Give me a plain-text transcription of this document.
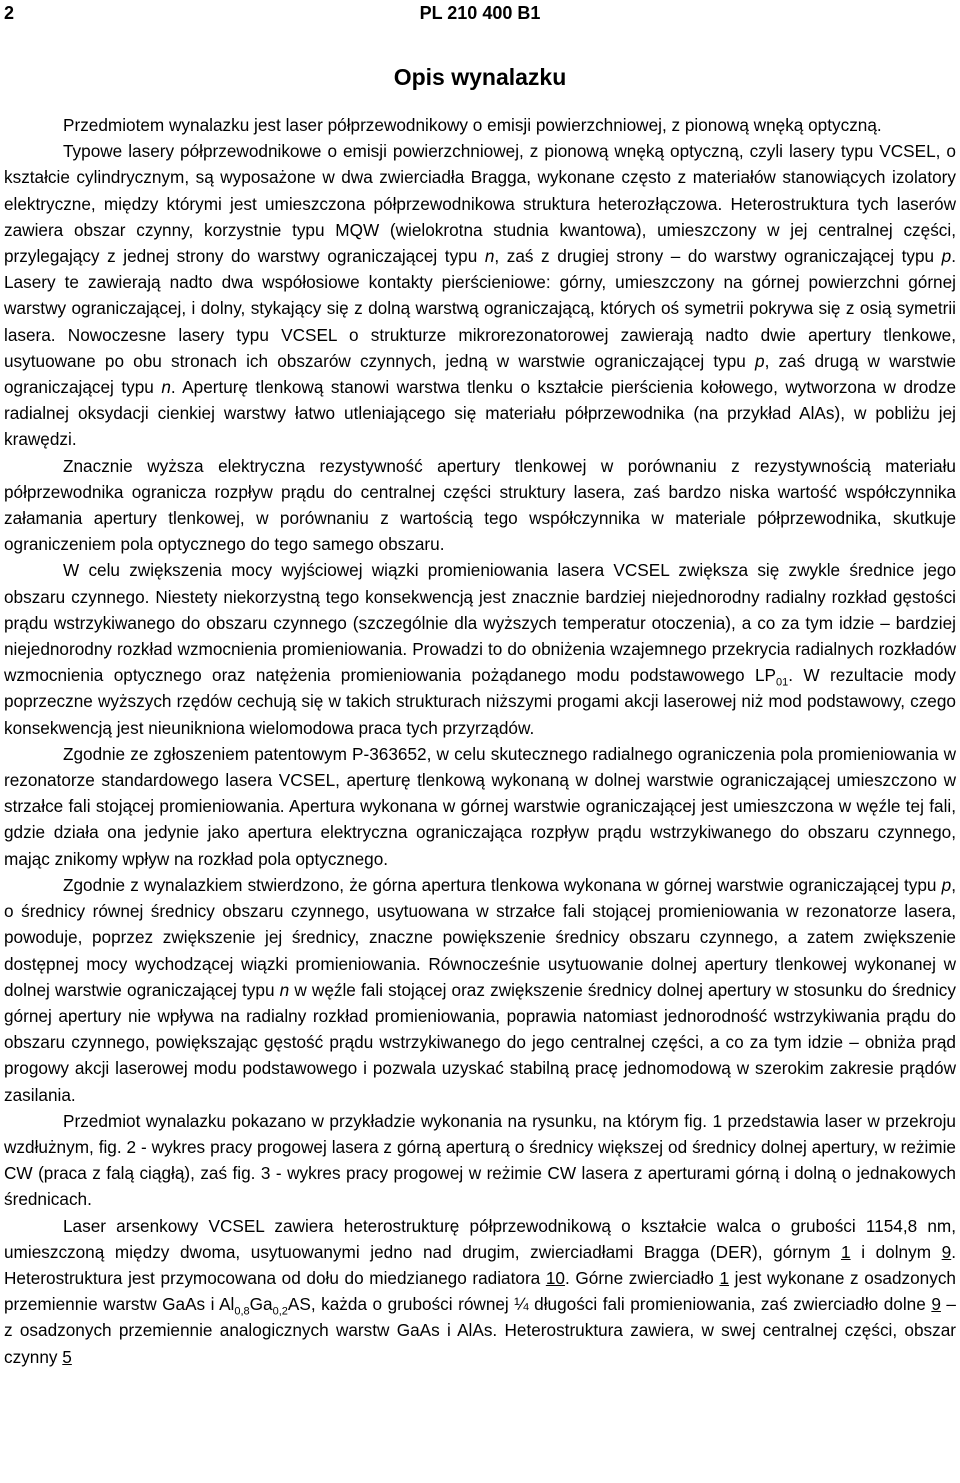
2	PL 210 400 B1
Opis wynalazku

Przedmiotem wynalazku jest laser półprzewodnikowy o emisji powierzchniowej, z pionową wnęką optyczną.

Typowe lasery półprzewodnikowe o emisji powierzchniowej, z pionową wnęką optyczną, czyli lasery typu VCSEL, o kształcie cylindrycznym, są wyposażone w dwa zwierciadła Bragga, wykonane często z materiałów stanowiących izolatory elektryczne, między którymi jest umieszczona półprzewodnikowa struktura heterozłączowa. Heterostruktura tych laserów zawiera obszar czynny, korzystnie typu MQW (wielokrotna studnia kwantowa), umieszczony w jej centralnej części, przylegający z jednej strony do warstwy ograniczającej typu n, zaś z drugiej strony – do warstwy ograniczającej typu p. Lasery te zawierają nadto dwa współosiowe kontakty pierścieniowe: górny, umieszczony na górnej powierzchni górnej warstwy ograniczającej, i dolny, stykający się z dolną warstwą ograniczającą, których oś symetrii pokrywa się z osią symetrii lasera. Nowoczesne lasery typu VCSEL o strukturze mikrorezonatorowej zawierają nadto dwie apertury tlenkowe, usytuowane po obu stronach ich obszarów czynnych, jedną w warstwie ograniczającej typu p, zaś drugą w warstwie ograniczającej typu n. Aperturę tlenkową stanowi warstwa tlenku o kształcie pierścienia kołowego, wytworzona w drodze radialnej oksydacji cienkiej warstwy łatwo utleniającego się materiału półprzewodnika (na przykład AlAs), w pobliżu jej krawędzi.

Znacznie wyższa elektryczna rezystywność apertury tlenkowej w porównaniu z rezystywnością materiału półprzewodnika ogranicza rozpływ prądu do centralnej części struktury lasera, zaś bardzo niska wartość współczynnika załamania apertury tlenkowej, w porównaniu z wartością tego współczynnika w materiale półprzewodnika, skutkuje ograniczeniem pola optycznego do tego samego obszaru.

W celu zwiększenia mocy wyjściowej wiązki promieniowania lasera VCSEL zwiększa się zwykle średnice jego obszaru czynnego. Niestety niekorzystną tego konsekwencją jest znacznie bardziej niejednorodny radialny rozkład gęstości prądu wstrzykiwanego do obszaru czynnego (szczególnie dla wyższych temperatur otoczenia), a co za tym idzie – bardziej niejednorodny rozkład wzmocnienia promieniowania. Prowadzi to do obniżenia wzajemnego przekrycia radialnych rozkładów wzmocnienia optycznego oraz natężenia promieniowania pożądanego modu podstawowego $LP_{01}$. W rezultacie mody poprzeczne wyższych rzędów cechują się w takich strukturach niższymi progami akcji laserowej niż mod podstawowy, czego konsekwencją jest nieuniknionа wielomodowa praca tych przyrządów.

Zgodnie ze zgłoszeniem patentowym P-363652, w celu skutecznego radialnego ograniczenia pola promieniowania w rezonatorze standardowego lasera VCSEL, aperturę tlenkową wykonaną w dolnej warstwie ograniczającej umieszczono w strzałce fali stojącej promieniowania. Apertura wykonana w górnej warstwie ograniczającej jest umieszczona w węźle tej fali, gdzie działa ona jedynie jako apertura elektryczna ograniczająca rozpływ prądu wstrzykiwanego do obszaru czynnego, mając znikomy wpływ na rozkład pola optycznego.

Zgodnie z wynalazkiem stwierdzono, że górna apertura tlenkowa wykonana w górnej warstwie ograniczającej typu p, o średnicy równej średnicy obszaru czynnego, usytuowana w strzałce fali stojącej promieniowania w rezonatorze lasera, powoduje, poprzez zwiększenie jej średnicy, znaczne powiększenie średnicy obszaru czynnego, a zatem zwiększenie dostępnej mocy wychodzącej wiązki promieniowania. Równocześnie usytuowanie dolnej apertury tlenkowej wykonanej w dolnej warstwie ograniczającej typu n w węźle fali stojącej oraz zwiększenie średnicy dolnej apertury w stosunku do średnicy górnej apertury nie wpływa na radialny rozkład promieniowania, poprawia natomiast jednorodność wstrzykiwania prądu do obszaru czynnego, powiększając gęstość prądu wstrzykiwanego do jego centralnej części, a co za tym idzie – obniża prąd progowy akcji laserowej modu podstawowego i pozwala uzyskać stabilną pracę jednomodową w szerokim zakresie prądów zasilania.

Przedmiot wynalazku pokazano w przykładzie wykonania na rysunku, na którym fig. 1 przedstawia laser w przekroju wzdłużnym, fig. 2 - wykres pracy progowej lasera z górną aperturą o średnicy większej od średnicy dolnej apertury, w reżimie CW (praca z falą ciągłą), zaś fig. 3 - wykres pracy progowej w reżimie CW lasera z aperturami górną i dolną o jednakowych średnicach.

Laser arsenkowy VCSEL zawiera heterostrukturę półprzewodnikową o kształcie walca o grubości 1154,8 nm, umieszczoną między dwoma, usytuowanymi jedno nad drugim, zwierciadłami Bragga (DER), górnym 1 i dolnym 9. Heterostruktura jest przymocowana od dołu do miedzianego radiatora 10. Górne zwierciadło 1 jest wykonane z osadzonych przemiennie warstw GaAs i $Al_{0,8}Ga_{0,2}AS$, każda o grubości równej ¼ długości fali promieniowania, zaś zwierciadło dolne 9 – z osadzonych przemiennie analogicznych warstw GaAs i AlAs. Heterostruktura zawiera, w swej centralnej części, obszar czynny 5
